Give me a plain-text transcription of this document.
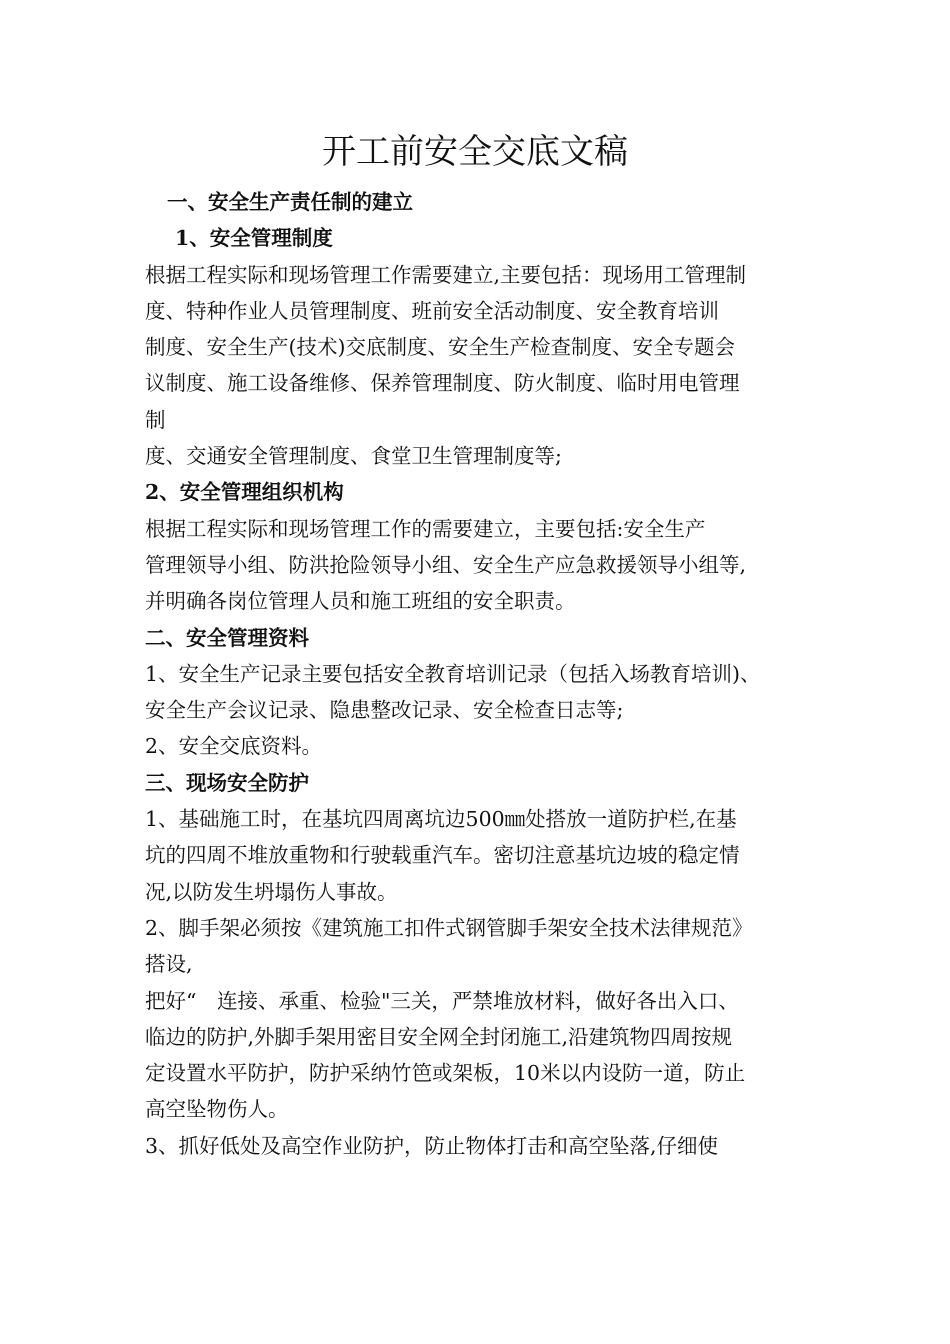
开工前安全交底文稿
一、安全生产责任制的建立
1、安全管理制度
根据工程实际和现场管理工作需要建立,主要包括：现场用工管理制
度、特种作业人员管理制度、班前安全活动制度、安全教育培训
制度、安全生产(技术)交底制度、安全生产检查制度、安全专题会
议制度、施工设备维修、保养管理制度、防火制度、临时用电管理
制
度、交通安全管理制度、食堂卫生管理制度等;
2、安全管理组织机构
根据工程实际和现场管理工作的需要建立，主要包括:安全生产
管理领导小组、防洪抢险领导小组、安全生产应急救援领导小组等,
并明确各岗位管理人员和施工班组的安全职责。
二、安全管理资料
1、安全生产记录主要包括安全教育培训记录（包括入场教育培训)、
安全生产会议记录、隐患整改记录、安全检查日志等;
2、安全交底资料。
三、现场安全防护
1、基础施工时，在基坑四周离坑边500㎜处搭放一道防护栏,在基
坑的四周不堆放重物和行驶载重汽车。密切注意基坑边坡的稳定情
况,以防发生坍塌伤人事故。
2、脚手架必须按《建筑施工扣件式钢管脚手架安全技术法律规范》
搭设,
把好“　连接、承重、检验"三关，严禁堆放材料，做好各出入口、
临边的防护,外脚手架用密目安全网全封闭施工,沿建筑物四周按规
定设置水平防护，防护采纳竹笆或架板，10米以内设防一道，防止
高空坠物伤人。
3、抓好低处及高空作业防护，防止物体打击和高空坠落,仔细使
